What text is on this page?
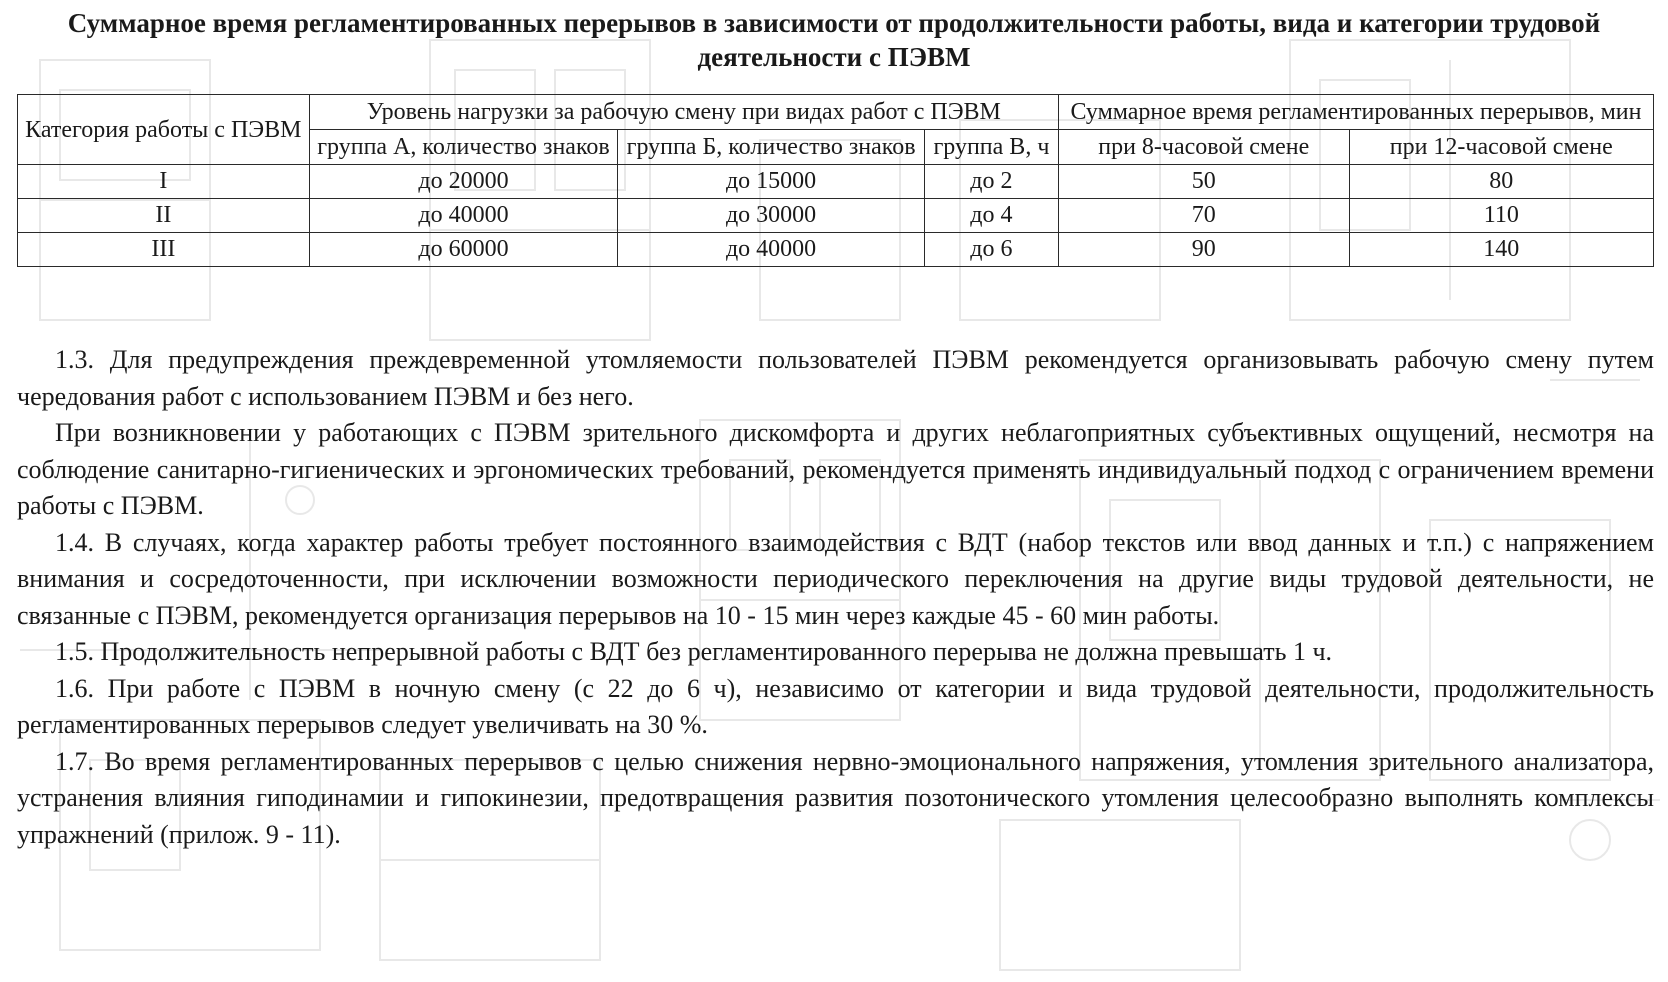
Суммарное время регламентированных перерывов в зависимости от продолжительности работы, вида и категории трудовой деятельности с ПЭВМ
Категория работы с ПЭВМ	Уровень нагрузки за рабочую смену при видах работ с ПЭВМ			Суммарное время регламентированных перерывов, мин	
	группа А, количество знаков	группа Б, количество знаков	группа В, ч	при 8-часовой смене	при 12-часовой смене
I	до 20000	до 15000	до 2	50	80
II	до 40000	до 30000	до 4	70	110
III	до 60000	до 40000	до 6	90	140

1.3. Для предупреждения преждевременной утомляемости пользователей ПЭВМ рекомендуется организовывать рабочую смену путем чередования работ с использованием ПЭВМ и без него.

При возникновении у работающих с ПЭВМ зрительного дискомфорта и других неблагоприятных субъективных ощущений, несмотря на соблюдение санитарно-гигиенических и эргономических требований, рекомендуется применять индивидуальный подход с ограничением времени работы с ПЭВМ.

1.4. В случаях, когда характер работы требует постоянного взаимодействия с ВДТ (набор текстов или ввод данных и т.п.) с напряжением внимания и сосредоточенности, при исключении возможности периодического переключения на другие виды трудовой деятельности, не связанные с ПЭВМ, рекомендуется организация перерывов на 10 - 15 мин через каждые 45 - 60 мин работы.

1.5. Продолжительность непрерывной работы с ВДТ без регламентированного перерыва не должна превышать 1 ч.

1.6. При работе с ПЭВМ в ночную смену (с 22 до 6 ч), независимо от категории и вида трудовой деятельности, продолжительность регламентированных перерывов следует увеличивать на 30 %.

1.7. Во время регламентированных перерывов с целью снижения нервно-эмоционального напряжения, утомления зрительного анализатора, устранения влияния гиподинамии и гипокинезии, предотвращения развития позотонического утомления целесообразно выполнять комплексы упражнений (прилож. 9 - 11).
